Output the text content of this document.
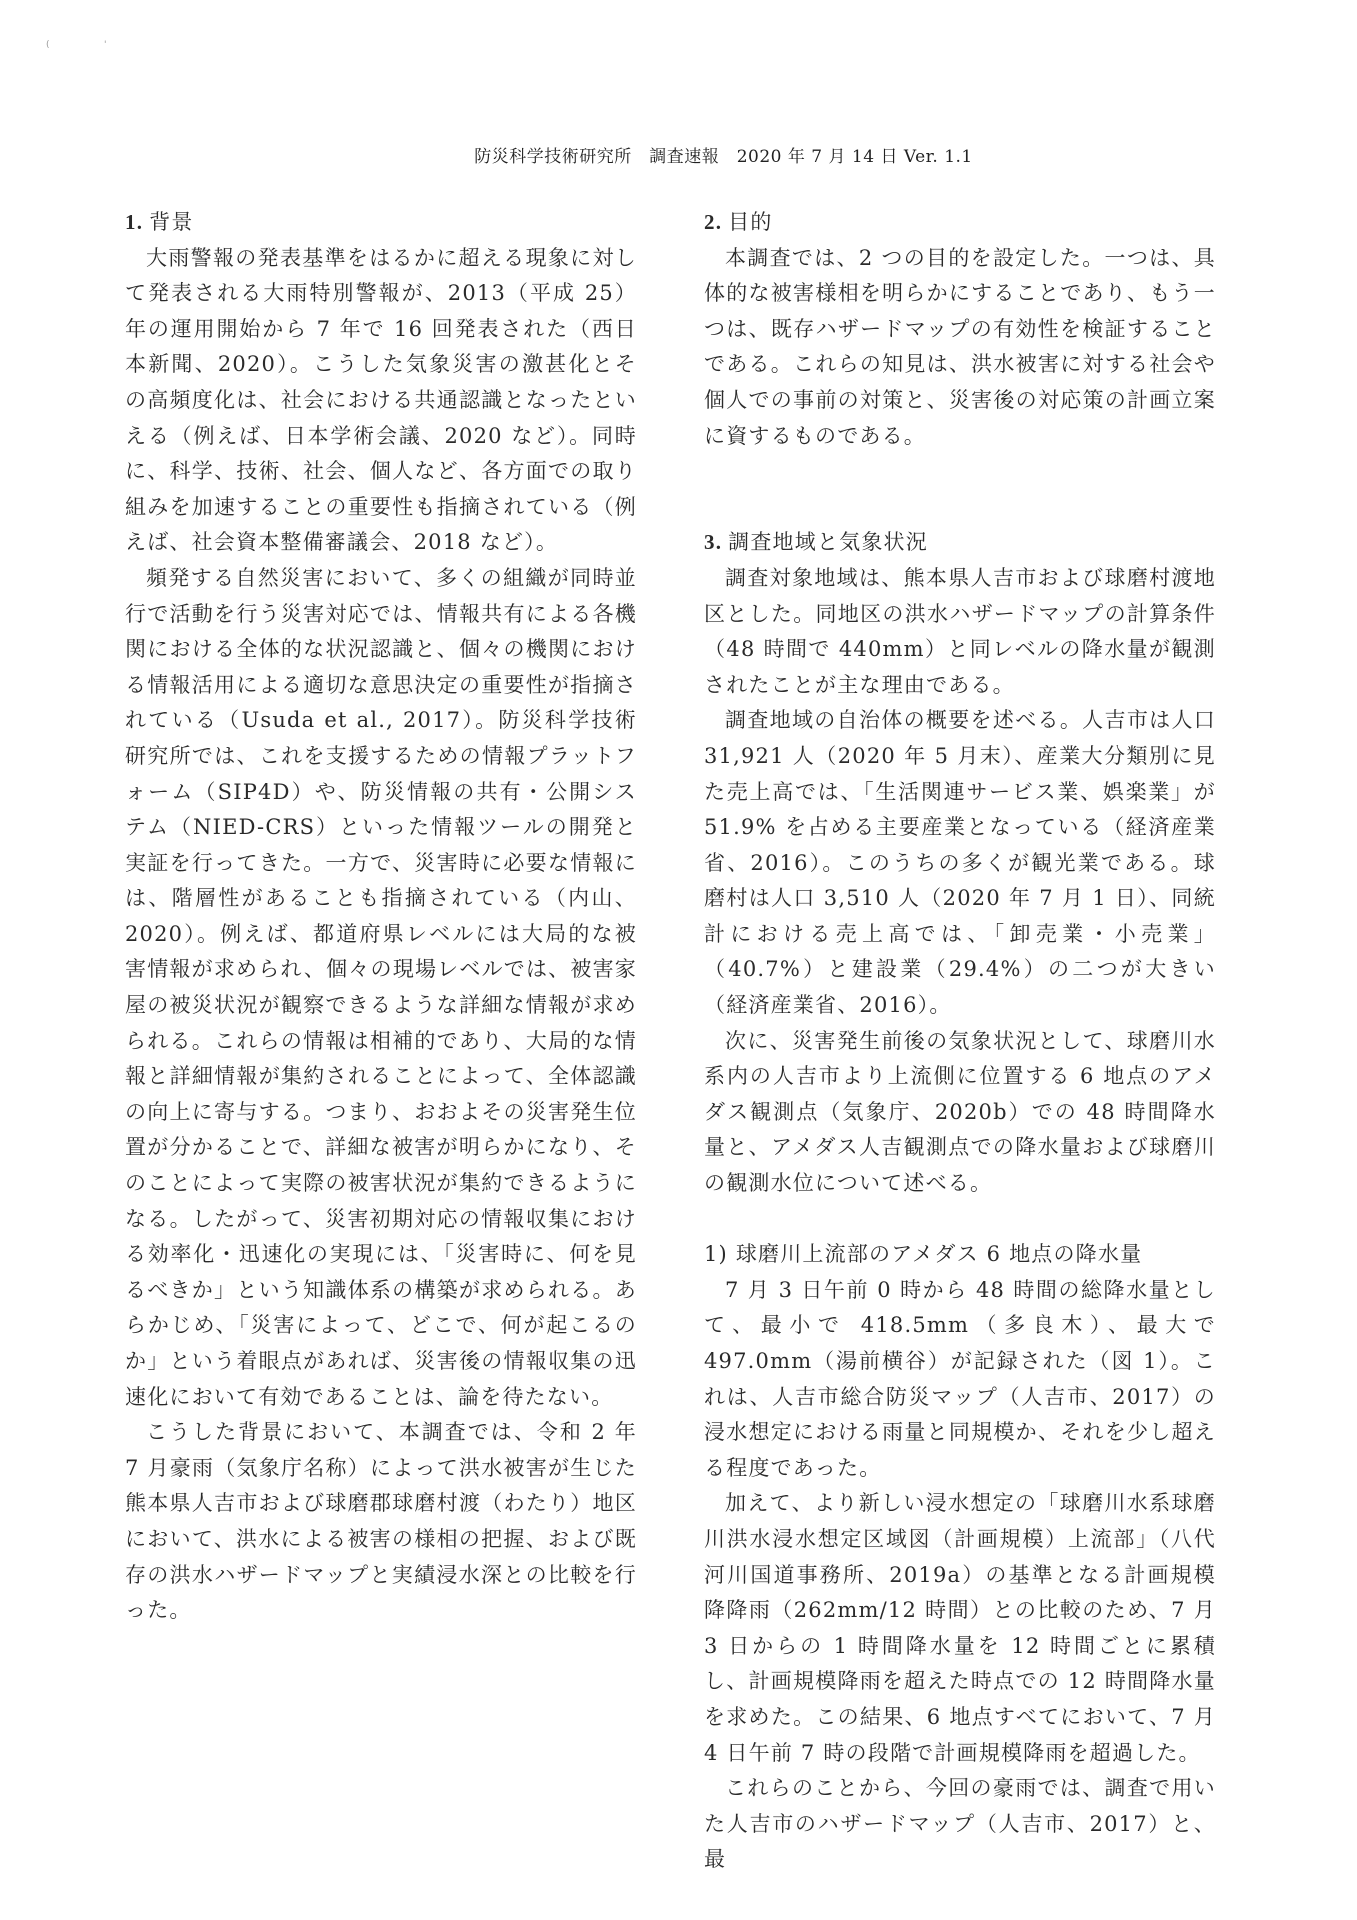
(	'
防災科学技術研究所　調査速報　2020 年 7 月 14 日 Ver. 1.1
1. 背景

大雨警報の発表基準をはるかに超える現象に対して発表される大雨特別警報が、2013（平成 25）年の運用開始から 7 年で 16 回発表された（西日本新聞、2020）。こうした気象災害の激甚化とその高頻度化は、社会における共通認識となったといえる（例えば、日本学術会議、2020 など）。同時に、科学、技術、社会、個人など、各方面での取り組みを加速することの重要性も指摘されている（例えば、社会資本整備審議会、2018 など）。

頻発する自然災害において、多くの組織が同時並行で活動を行う災害対応では、情報共有による各機関における全体的な状況認識と、個々の機関における情報活用による適切な意思決定の重要性が指摘されている（Usuda et al., 2017）。防災科学技術研究所では、これを支援するための情報プラットフォーム（SIP4D）や、防災情報の共有・公開システム（NIED-CRS）といった情報ツールの開発と実証を行ってきた。一方で、災害時に必要な情報には、階層性があることも指摘されている（内山、2020）。例えば、都道府県レベルには大局的な被害情報が求められ、個々の現場レベルでは、被害家屋の被災状況が観察できるような詳細な情報が求められる。これらの情報は相補的であり、大局的な情報と詳細情報が集約されることによって、全体認識の向上に寄与する。つまり、おおよその災害発生位置が分かることで、詳細な被害が明らかになり、そのことによって実際の被害状況が集約できるようになる。したがって、災害初期対応の情報収集における効率化・迅速化の実現には、「災害時に、何を見るべきか」という知識体系の構築が求められる。あらかじめ、「災害によって、どこで、何が起こるのか」という着眼点があれば、災害後の情報収集の迅速化において有効であることは、論を待たない。

こうした背景において、本調査では、令和 2 年 7 月豪雨（気象庁名称）によって洪水被害が生じた熊本県人吉市および球磨郡球磨村渡（わたり）地区において、洪水による被害の様相の把握、および既存の洪水ハザードマップと実績浸水深との比較を行った。

2. 目的

本調査では、2 つの目的を設定した。一つは、具体的な被害様相を明らかにすることであり、もう一つは、既存ハザードマップの有効性を検証することである。これらの知見は、洪水被害に対する社会や個人での事前の対策と、災害後の対応策の計画立案に資するものである。

3. 調査地域と気象状況

調査対象地域は、熊本県人吉市および球磨村渡地区とした。同地区の洪水ハザードマップの計算条件（48 時間で 440mm）と同レベルの降水量が観測されたことが主な理由である。

調査地域の自治体の概要を述べる。人吉市は人口 31,921 人（2020 年 5 月末）、産業大分類別に見た売上高では、「生活関連サービス業、娯楽業」が 51.9% を占める主要産業となっている（経済産業省、2016）。このうちの多くが観光業である。球磨村は人口 3,510 人（2020 年 7 月 1 日）、同統計における売上高では、「卸売業・小売業」（40.7%）と建設業（29.4%）の二つが大きい（経済産業省、2016）。

次に、災害発生前後の気象状況として、球磨川水系内の人吉市より上流側に位置する 6 地点のアメダス観測点（気象庁、2020b）での 48 時間降水量と、アメダス人吉観測点での降水量および球磨川の観測水位について述べる。

1) 球磨川上流部のアメダス 6 地点の降水量

7 月 3 日午前 0 時から 48 時間の総降水量として、最小で 418.5mm（多良木）、最大で 497.0mm（湯前横谷）が記録された（図 1）。これは、人吉市総合防災マップ（人吉市、2017）の浸水想定における雨量と同規模か、それを少し超える程度であった。

加えて、より新しい浸水想定の「球磨川水系球磨川洪水浸水想定区域図（計画規模）上流部」（八代河川国道事務所、2019a）の基準となる計画規模降降雨（262mm/12 時間）との比較のため、7 月 3 日からの 1 時間降水量を 12 時間ごとに累積し、計画規模降雨を超えた時点での 12 時間降水量を求めた。この結果、6 地点すべてにおいて、7 月 4 日午前 7 時の段階で計画規模降雨を超過した。

これらのことから、今回の豪雨では、調査で用いた人吉市のハザードマップ（人吉市、2017）と、最
